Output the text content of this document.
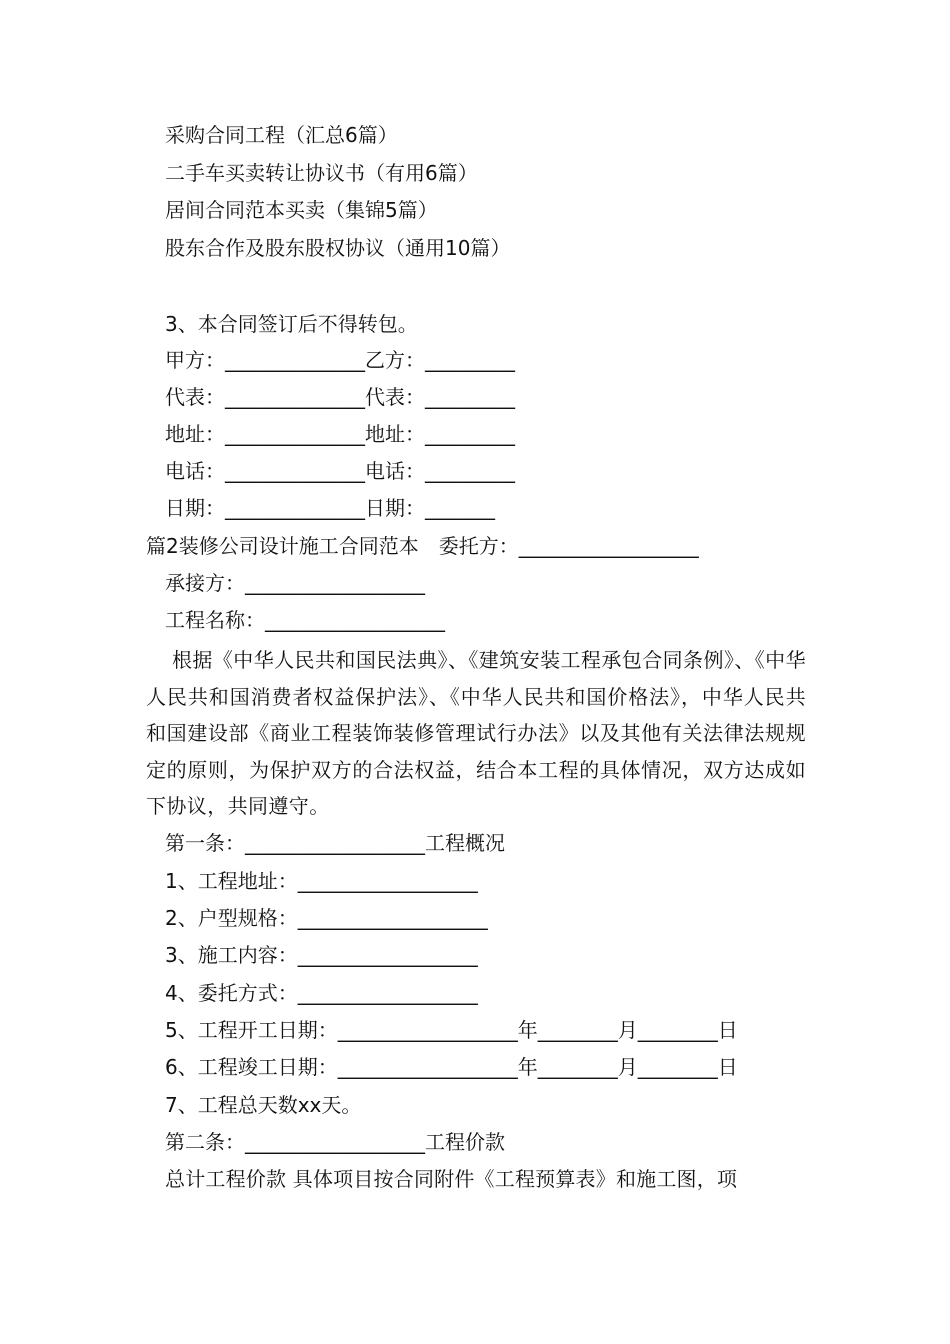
采购合同工程（汇总6篇）
二手车买卖转让协议书（有用6篇）
居间合同范本买卖（集锦5篇）
股东合作及股东股权协议（通用10篇）
3、本合同签订后不得转包。
甲方：______________乙方：_________
代表：______________代表：_________
地址：______________地址：_________
电话：______________电话：_________
日期：______________日期：_______
篇2装修公司设计施工合同范本　委托方：__________________
承接方：__________________
工程名称：__________________
根据《中华人民共和国民法典》、《建筑安装工程承包合同条例》、《中华人民共和国消费者权益保护法》、《中华人民共和国价格法》，中华人民共和国建设部《商业工程装饰装修管理试行办法》以及其他有关法律法规规定的原则，为保护双方的合法权益，结合本工程的具体情况，双方达成如下协议，共同遵守。
第一条：__________________工程概况
1、工程地址：__________________
2、户型规格：___________________
3、施工内容：__________________
4、委托方式：__________________
5、工程开工日期：__________________年________月________日
6、工程竣工日期：__________________年________月________日
7、工程总天数xx天。
第二条：__________________工程价款
总计工程价款 具体项目按合同附件《工程预算表》和施工图，项
